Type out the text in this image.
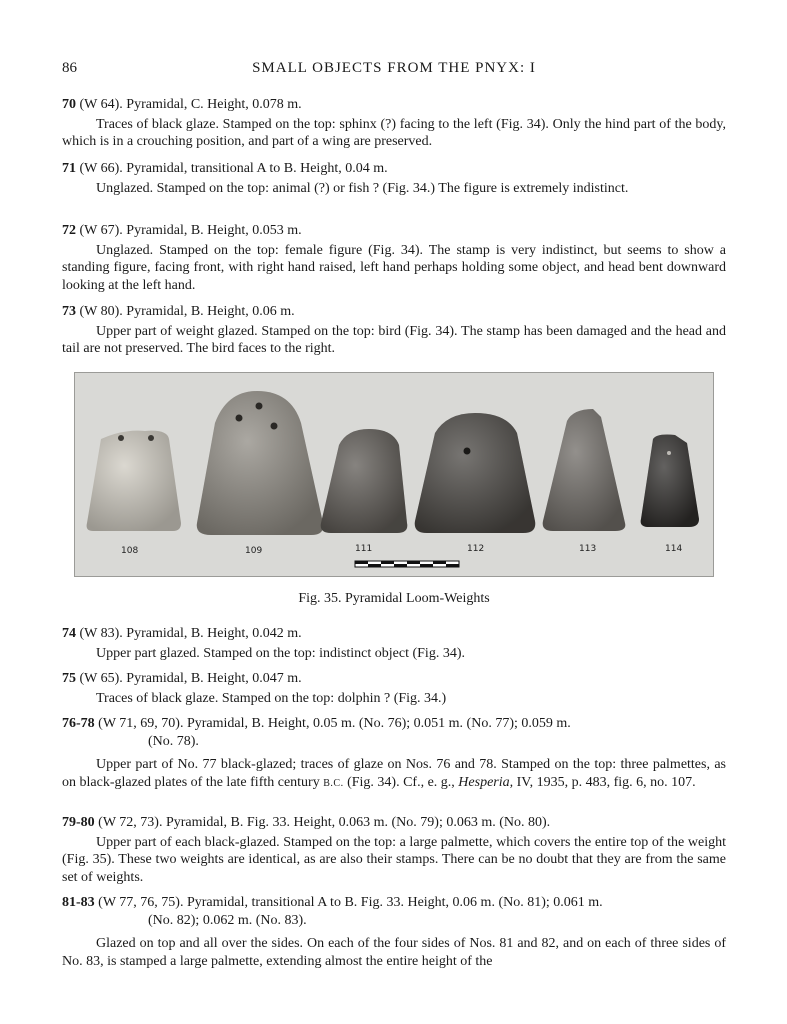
86	SMALL OBJECTS FROM THE PNYX: I

70 (W 64). Pyramidal, C. Height, 0.078 m.

Traces of black glaze. Stamped on the top: sphinx (?) facing to the left (Fig. 34). Only the hind part of the body, which is in a crouching position, and part of a wing are preserved.

71 (W 66). Pyramidal, transitional A to B. Height, 0.04 m.

Unglazed. Stamped on the top: animal (?) or fish ? (Fig. 34.) The figure is extremely indistinct.

72 (W 67). Pyramidal, B. Height, 0.053 m.

Unglazed. Stamped on the top: female figure (Fig. 34). The stamp is very indistinct, but seems to show a standing figure, facing front, with right hand raised, left hand perhaps holding some object, and head bent downward looking at the left hand.

73 (W 80). Pyramidal, B. Height, 0.06 m.

Upper part of weight glazed. Stamped on the top: bird (Fig. 34). The stamp has been damaged and the head and tail are not preserved. The bird faces to the right.

108	109	111	112	113	114
Fig. 35. Pyramidal Loom-Weights

74 (W 83). Pyramidal, B. Height, 0.042 m.

Upper part glazed. Stamped on the top: indistinct object (Fig. 34).

75 (W 65). Pyramidal, B. Height, 0.047 m.

Traces of black glaze. Stamped on the top: dolphin ? (Fig. 34.)

76-78 (W 71, 69, 70). Pyramidal, B. Height, 0.05 m. (No. 76); 0.051 m. (No. 77); 0.059 m.

(No. 78).

Upper part of No. 77 black-glazed; traces of glaze on Nos. 76 and 78. Stamped on the top: three palmettes, as on black-glazed plates of the late fifth century B.C. (Fig. 34). Cf., e. g., Hesperia, IV, 1935, p. 483, fig. 6, no. 107.

79-80 (W 72, 73). Pyramidal, B. Fig. 33. Height, 0.063 m. (No. 79); 0.063 m. (No. 80).

Upper part of each black-glazed. Stamped on the top: a large palmette, which covers the entire top of the weight (Fig. 35). These two weights are identical, as are also their stamps. There can be no doubt that they are from the same set of weights.

81-83 (W 77, 76, 75). Pyramidal, transitional A to B. Fig. 33. Height, 0.06 m. (No. 81); 0.061 m.

(No. 82); 0.062 m. (No. 83).

Glazed on top and all over the sides. On each of the four sides of Nos. 81 and 82, and on each of three sides of No. 83, is stamped a large palmette, extending almost the entire height of the
